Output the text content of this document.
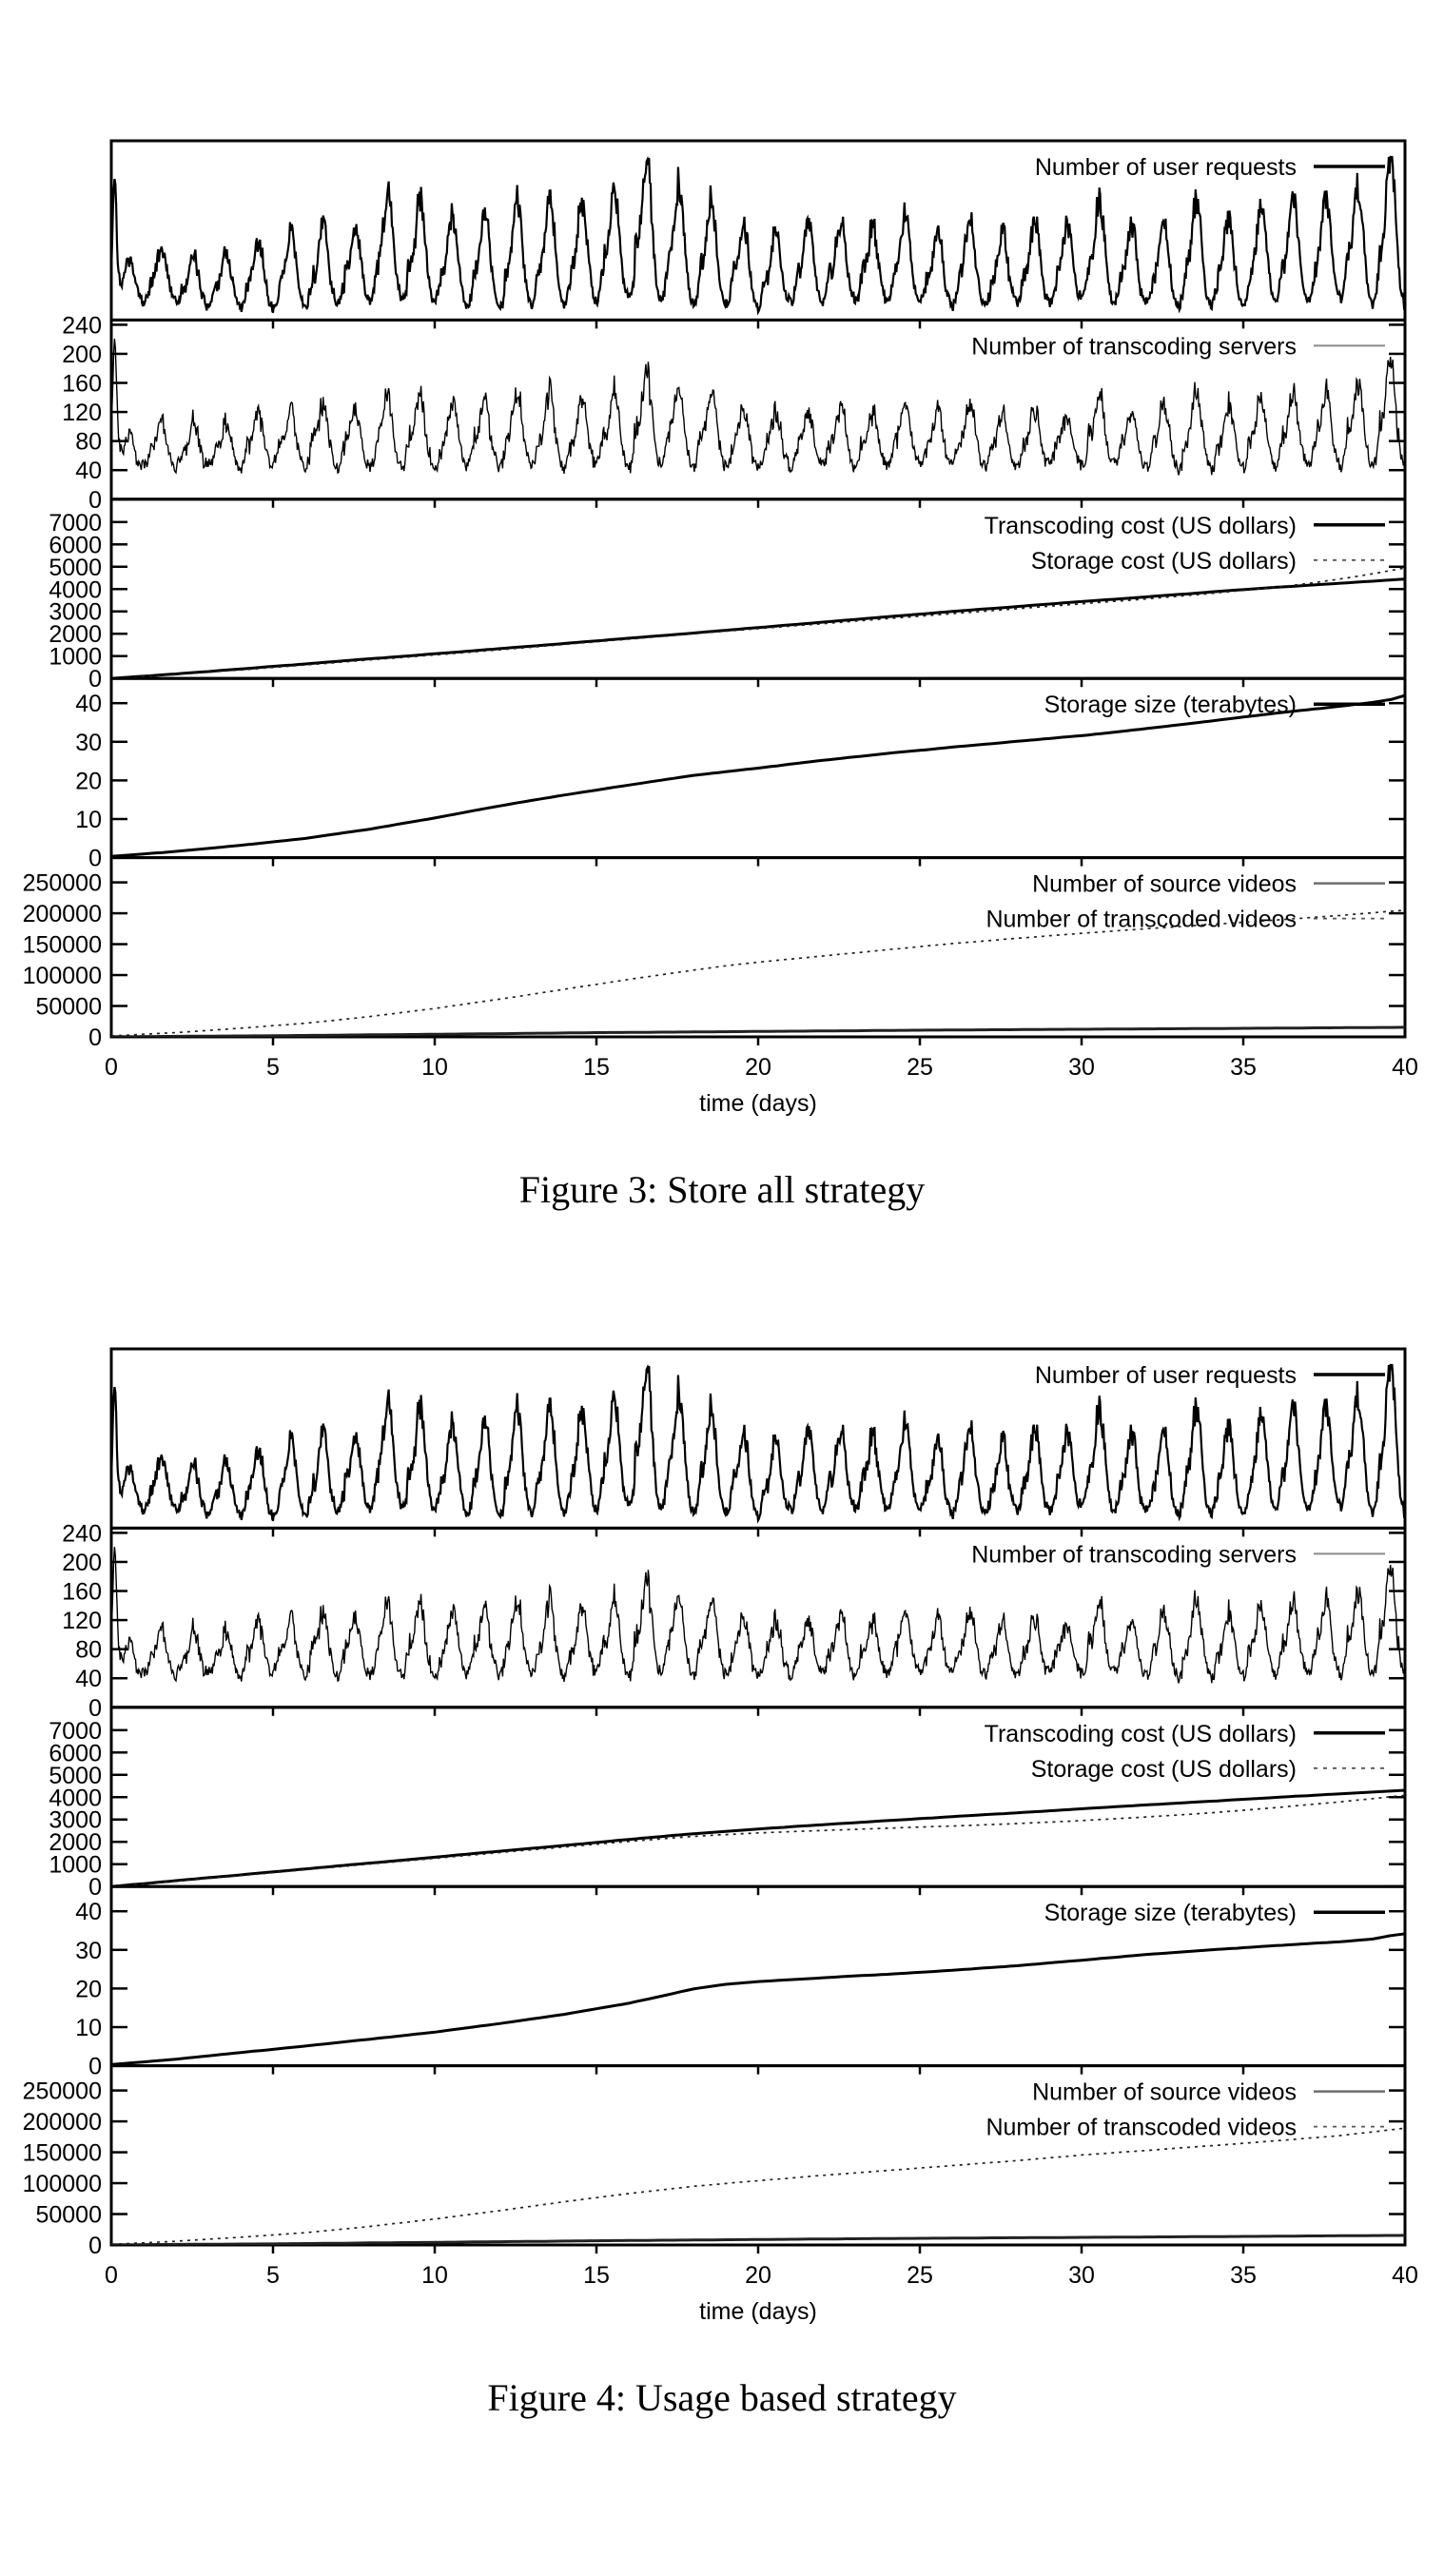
Number of user requests
0
40
80
120
160
200
240
Number of transcoding servers
0
1000
2000
3000
4000
5000
6000
7000	Transcoding cost (US dollars)
Storage cost (US dollars)
0
10
20
30
40	Storage size (terabytes)
0
50000
100000
150000
200000
250000	Number of source videos
Number of transcoded videos
0	5	10	15	20	25	30	35	40
time (days)
Figure 3: Store all strategy
Number of user requests
0
40
80
120
160
200
240
Number of transcoding servers
0
1000
2000
3000
4000
5000
6000
7000	Transcoding cost (US dollars)
Storage cost (US dollars)
0
10
20
30
40	Storage size (terabytes)
0
50000
100000
150000
200000
250000	Number of source videos
Number of transcoded videos
0	5	10	15	20	25	30	35	40
time (days)
Figure 4: Usage based strategy
